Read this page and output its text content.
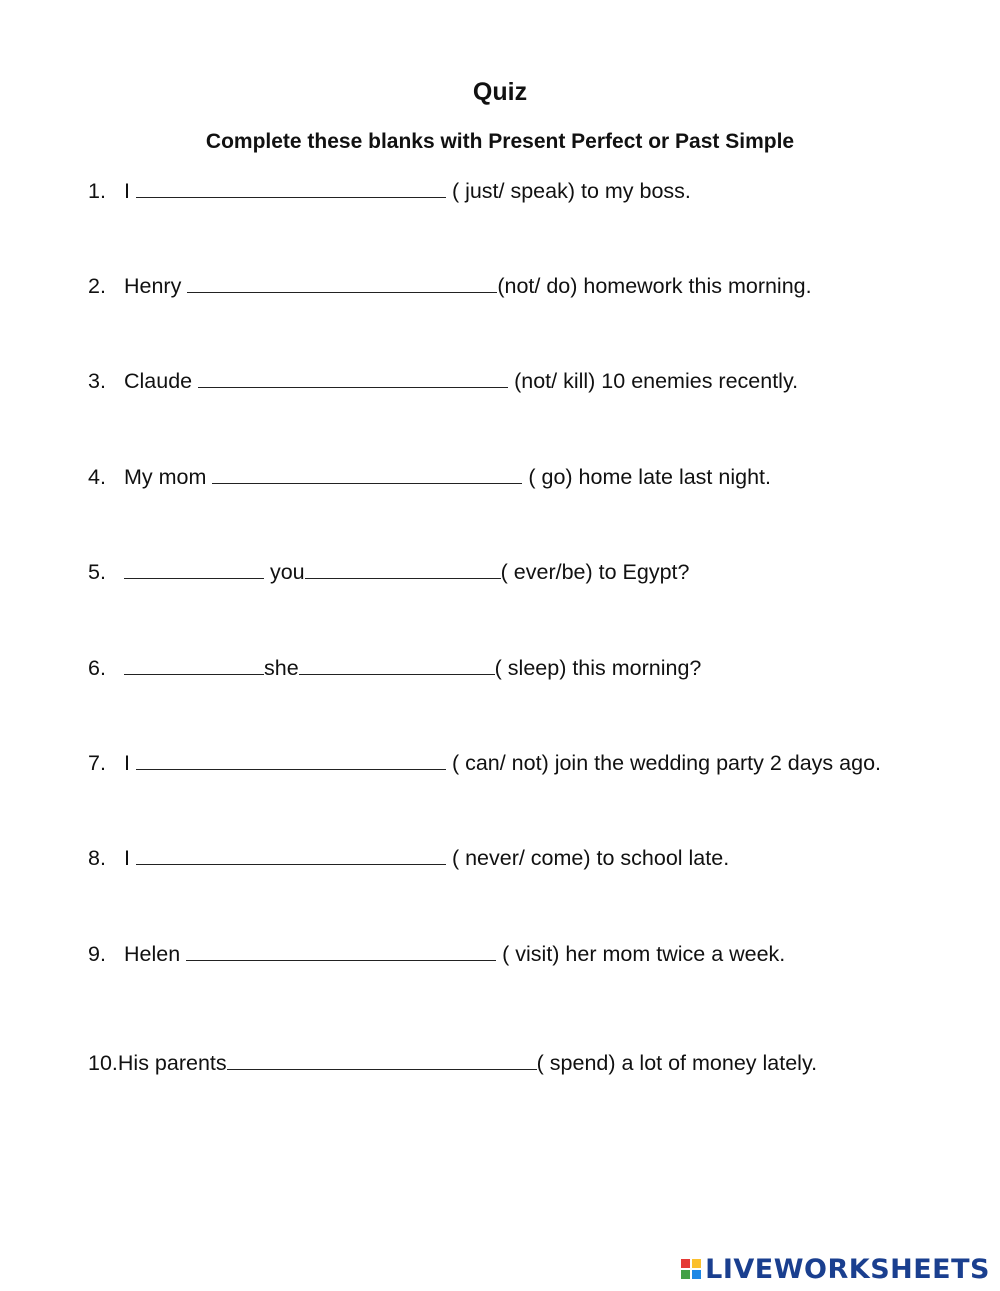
Quiz
Complete these blanks with Present Perfect or Past Simple
1. I	( just/ speak) to my boss.
2. Henry	(not/ do) homework this morning.
3. Claude	(not/ kill) 10 enemies recently.
4. My mom	( go) home late last night.
5.	you	( ever/be) to Egypt?
6.	she	( sleep) this morning?
7. I	( can/ not) join the wedding party 2 days ago.
8. I	( never/ come) to school late.
9. Helen	( visit) her mom twice a week.
10.His parents	( spend) a lot of money lately.
LIVEWORKSHEETS
